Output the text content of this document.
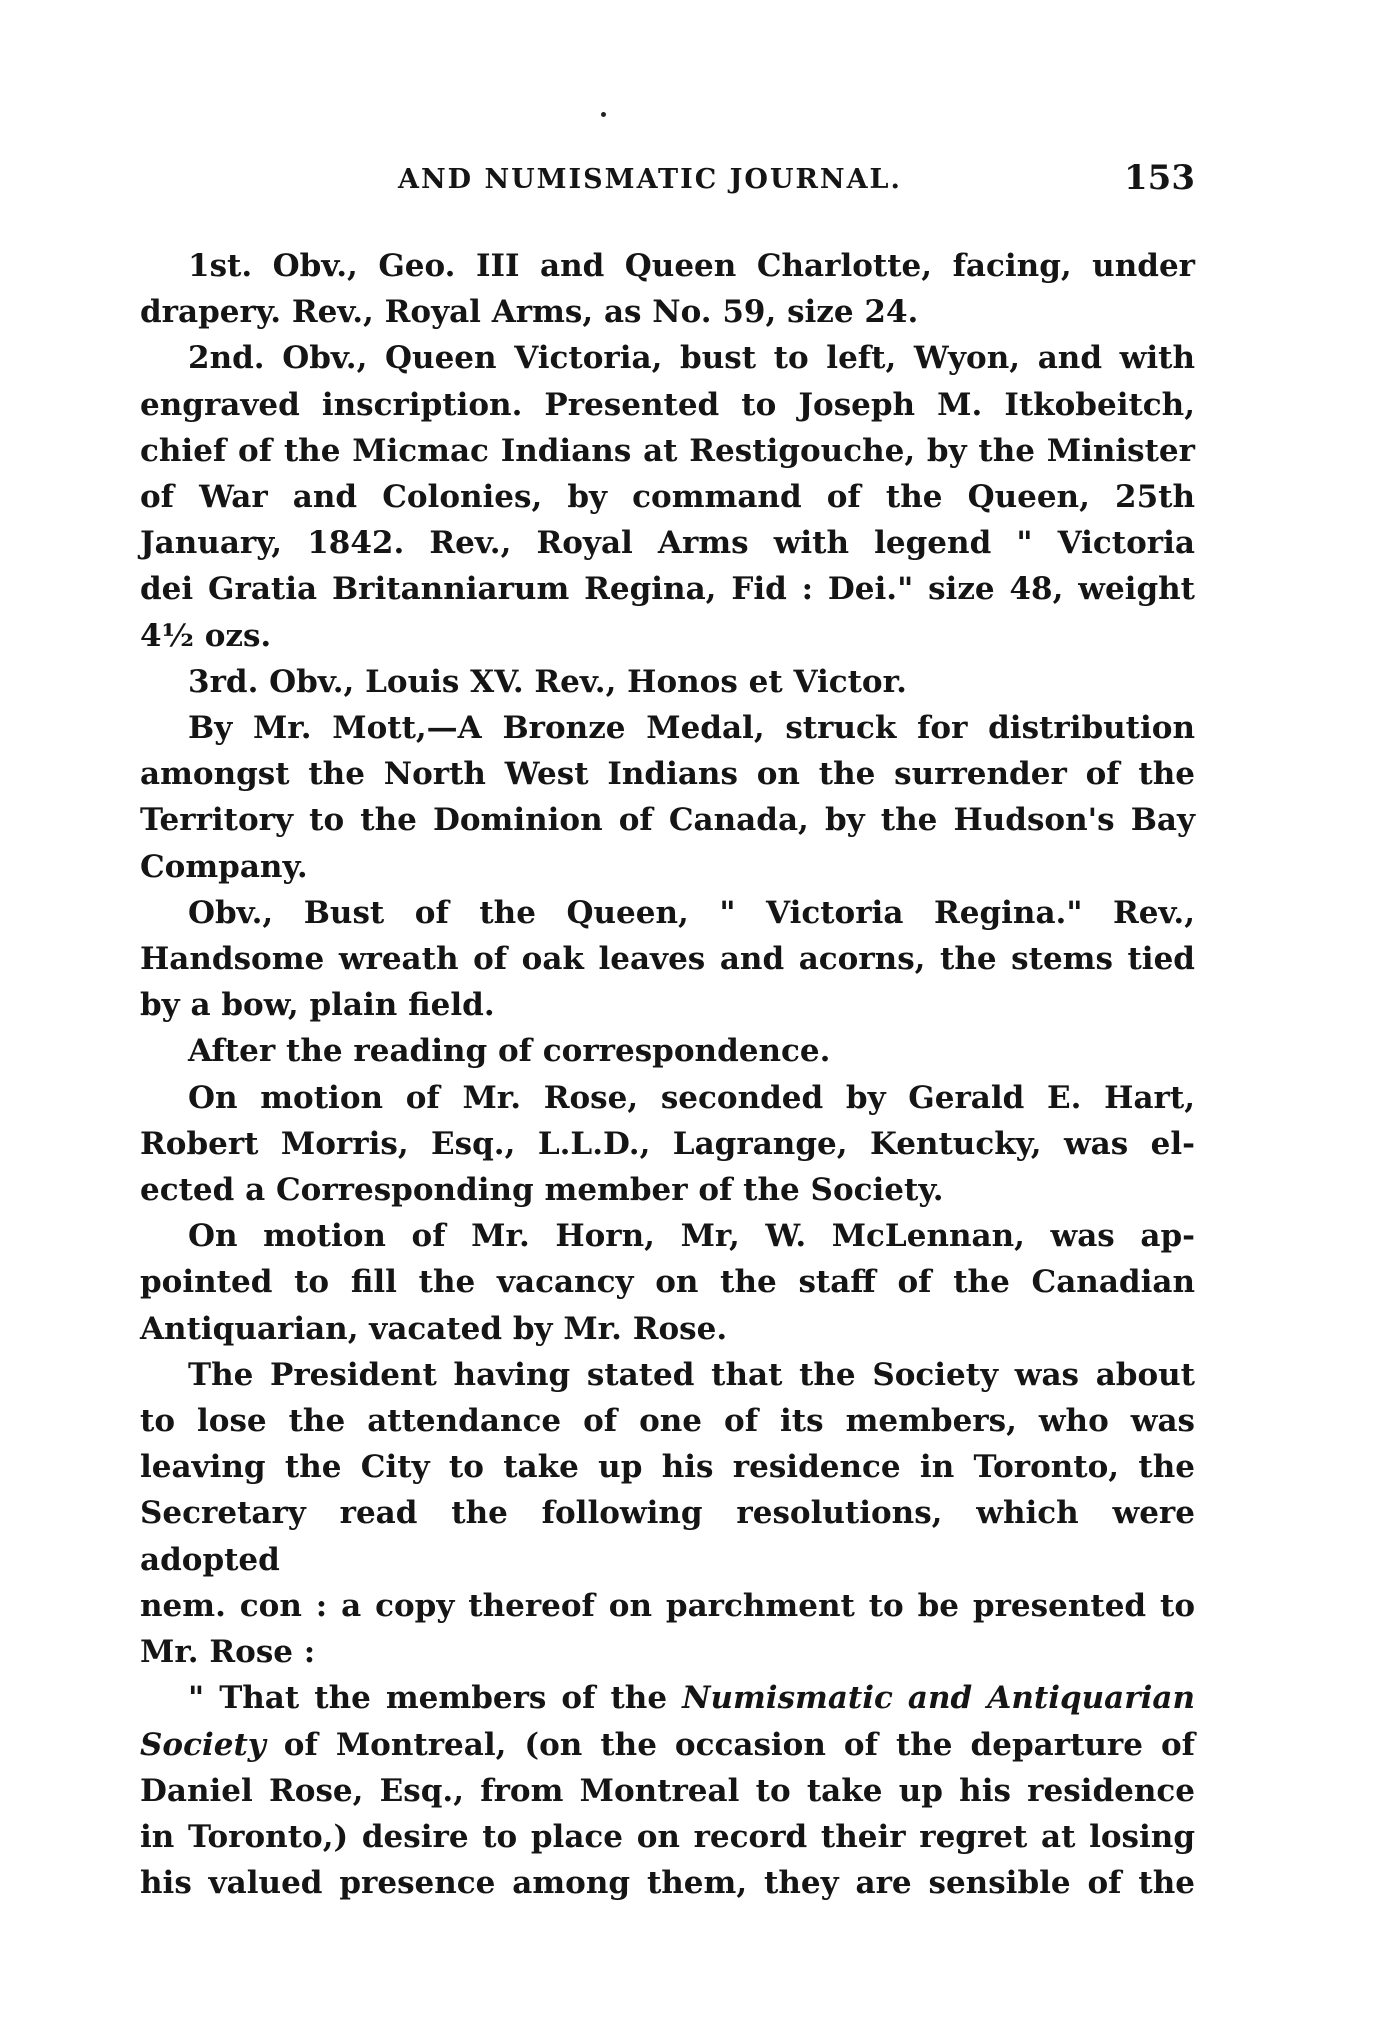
AND NUMISMATIC JOURNAL.	153

1st. Obv., Geo. III and Queen Charlotte, facing, under

drapery. Rev., Royal Arms, as No. 59, size 24.

2nd. Obv., Queen Victoria, bust to left, Wyon, and with

engraved inscription. Presented to Joseph M. Itkobeitch,

chief of the Micmac Indians at Restigouche, by the Minister

of War and Colonies, by command of the Queen, 25th

January, 1842. Rev., Royal Arms with legend " Victoria

dei Gratia Britanniarum Regina, Fid : Dei." size 48, weight

4½ ozs.

3rd. Obv., Louis XV. Rev., Honos et Victor.

By Mr. Mott,—A Bronze Medal, struck for distribution

amongst the North West Indians on the surrender of the

Territory to the Dominion of Canada, by the Hudson's Bay

Company.

Obv., Bust of the Queen, " Victoria Regina." Rev.,

Handsome wreath of oak leaves and acorns, the stems tied

by a bow, plain field.

After the reading of correspondence.

On motion of Mr. Rose, seconded by Gerald E. Hart,

Robert Morris, Esq., L.L.D., Lagrange, Kentucky, was el-

ected a Corresponding member of the Society.

On motion of Mr. Horn, Mr, W. McLennan, was ap-

pointed to fill the vacancy on the staff of the Canadian

Antiquarian, vacated by Mr. Rose.

The President having stated that the Society was about

to lose the attendance of one of its members, who was

leaving the City to take up his residence in Toronto, the

Secretary read the following resolutions, which were adopted

nem. con : a copy thereof on parchment to be presented to

Mr. Rose :

" That the members of the Numismatic and Antiquarian

Society of Montreal, (on the occasion of the departure of

Daniel Rose, Esq., from Montreal to take up his residence

in Toronto,) desire to place on record their regret at losing

his valued presence among them, they are sensible of the
